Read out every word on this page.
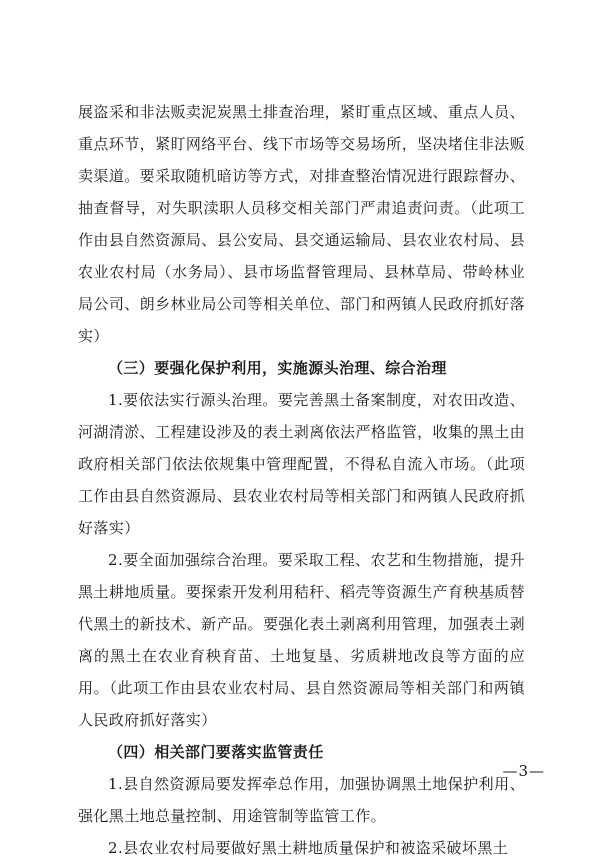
展盗采和非法贩卖泥炭黑土排查治理，紧盯重点区域、重点人员、重点环节，紧盯网络平台、线下市场等交易场所，坚决堵住非法贩卖渠道。要采取随机暗访等方式，对排查整治情况进行跟踪督办、抽查督导，对失职渎职人员移交相关部门严肃追责问责。（此项工作由县自然资源局、县公安局、县交通运输局、县农业农村局、县农业农村局（水务局）、县市场监督管理局、县林草局、带岭林业局公司、朗乡林业局公司等相关单位、部门和两镇人民政府抓好落实）

（三）要强化保护利用，实施源头治理、综合治理

1.要依法实行源头治理。要完善黑土备案制度，对农田改造、河湖清淤、工程建设涉及的表土剥离依法严格监管，收集的黑土由政府相关部门依法依规集中管理配置，不得私自流入市场。（此项工作由县自然资源局、县农业农村局等相关部门和两镇人民政府抓好落实）

2.要全面加强综合治理。要采取工程、农艺和生物措施，提升黑土耕地质量。要探索开发利用秸秆、稻壳等资源生产育秧基质替代黑土的新技术、新产品。要强化表土剥离利用管理，加强表土剥离的黑土在农业育秧育苗、土地复垦、劣质耕地改良等方面的应用。（此项工作由县农业农村局、县自然资源局等相关部门和两镇人民政府抓好落实）

（四）相关部门要落实监管责任

1.县自然资源局要发挥牵总作用，加强协调黑土地保护利用、强化黑土地总量控制、用途管制等监管工作。

2.县农业农村局要做好黑土耕地质量保护和被盗采破坏黑土

—3—
